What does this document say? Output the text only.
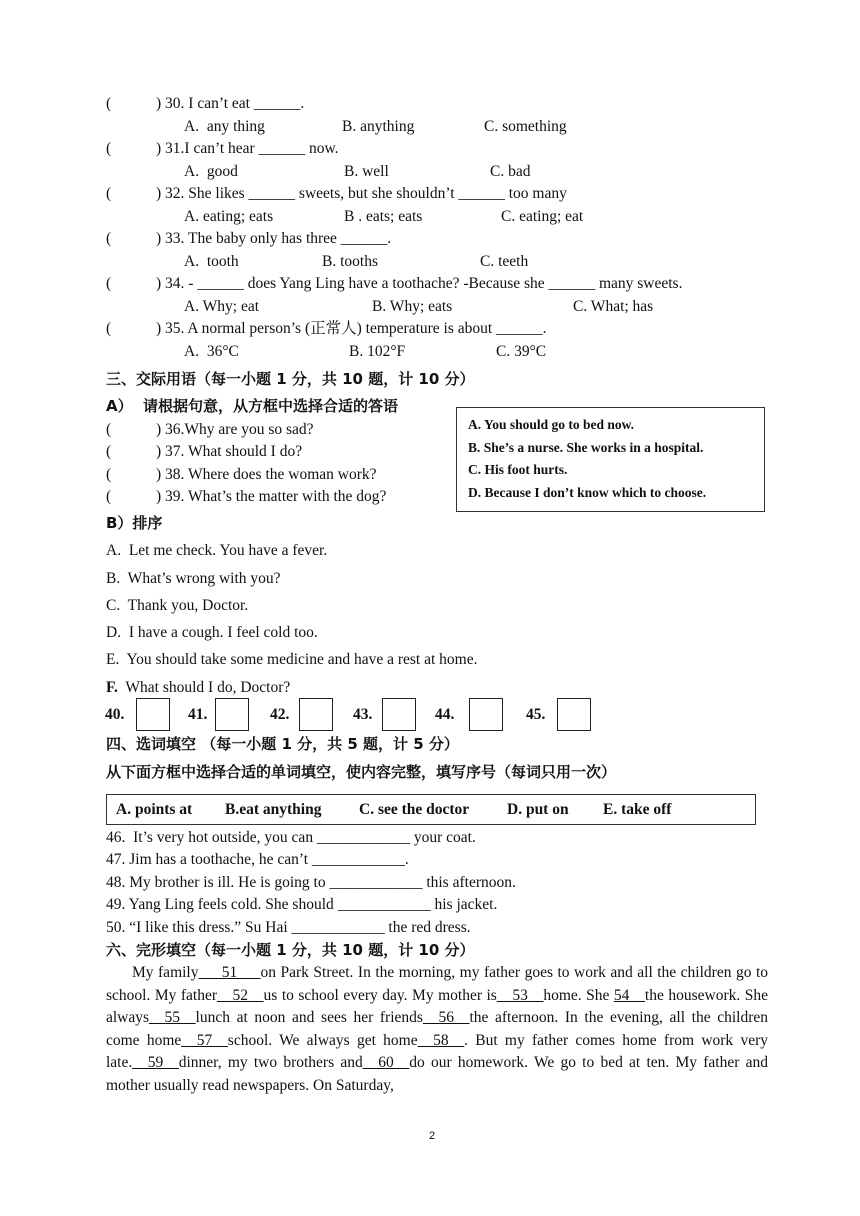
(	) 30. I can’t eat ______.
A.  any thing	B. anything	C. something
(	) 31.I can’t hear ______ now.
A.  good	B. well	C. bad
(	) 32. She likes ______ sweets, but she shouldn’t ______ too many
A. eating; eats	B . eats; eats	C. eating; eat
(	) 33. The baby only has three ______.
A.  tooth	B. tooths	C. teeth
(	) 34. - ______ does Yang Ling have a toothache? -Because she ______ many sweets.
A. Why; eat	B. Why; eats	C. What; has
(	) 35. A normal person’s (正常人) temperature is about ______.
A.  36°C	B. 102°F	C. 39°C
三、交际用语（每一小题 1 分，共 10 题，计 10 分）
A）  请根据句意，从方框中选择合适的答语
(	) 36.Why are you so sad?
(	) 37. What should I do?
(	) 38. Where does the woman work?
(	) 39. What’s the matter with the dog?
A. You should go to bed now.
B. She’s a nurse. She works in a hospital.
C. His foot hurts.
D. Because I don’t know which to choose.
B）排序
A.  Let me check. You have a fever.
B.  What’s wrong with you?
C.  Thank you, Doctor.
D.  I have a cough. I feel cold too.
E.  You should take some medicine and have a rest at home.
F.  What should I do, Doctor?
40.	41.	42.	43.	44.	45.
四、选词填空 （每一小题 1 分，共 5 题，计 5 分）
从下面方框中选择合适的单词填空，使内容完整，填写序号（每词只用一次）
A. points at B.eat anything C. see the doctor D. put on E. take off
46.  It’s very hot outside, you can ____________ your coat.
47. Jim has a toothache, he can’t ____________.
48. My brother is ill. He is going to ____________ this afternoon.
49. Yang Ling feels cold. She should ____________ his jacket.
50. “I like this dress.” Su Hai ____________ the red dress.
六、完形填空（每一小题 1 分，共 10 题，计 10 分）

My family___51___on Park Street. In the morning, my father goes to work and all the children go to school. My father__52__us to school every day. My mother is__53__home. She 54__the housework. She always__55__lunch at noon and sees her friends__56__the afternoon. In the evening, all the children come home__57__school. We always get home__58__. But my father comes home from work very late.__59__dinner, my two brothers and__60__do our homework. We go to bed at ten. My father and mother usually read newspapers. On Saturday,

2
